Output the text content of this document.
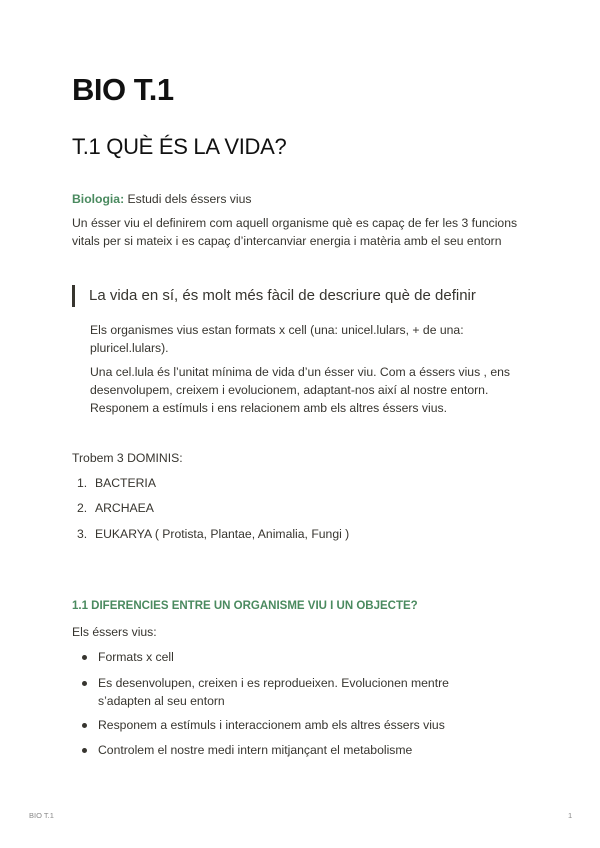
BIO T.1
T.1 QUÈ ÉS LA VIDA?

Biologia: Estudi dels éssers vius

Un ésser viu el definirem com aquell organisme què es capaç de fer les 3 funcions vitals per si mateix i es capaç d’intercanviar energia i matèria amb el seu entorn

La vida en sí, és molt més fàcil de descriure què de definir

Els organismes vius estan formats x cell (una: unicel.lulars, + de una: pluricel.lulars).

Una cel.lula és l’unitat mínima de vida d’un ésser viu. Com a éssers vius , ens desenvolupem, creixem i evolucionem, adaptant-nos així al nostre entorn. Responem a estímuls i ens relacionem amb els altres éssers vius.

Trobem 3 DOMINIS:

1. BACTERIA
2. ARCHAEA
3. EUKARYA ( Protista, Plantae, Animalia, Fungi )
1.1 DIFERENCIES ENTRE UN ORGANISME VIU I UN OBJECTE?

Els éssers vius:

Formats x cell
Es desenvolupen, creixen i es reprodueixen. Evolucionen mentre s’adapten al seu entorn
Responem a estímuls i interaccionem amb els altres éssers vius
Controlem el nostre medi intern mitjançant el metabolisme
BIO T.1	1
